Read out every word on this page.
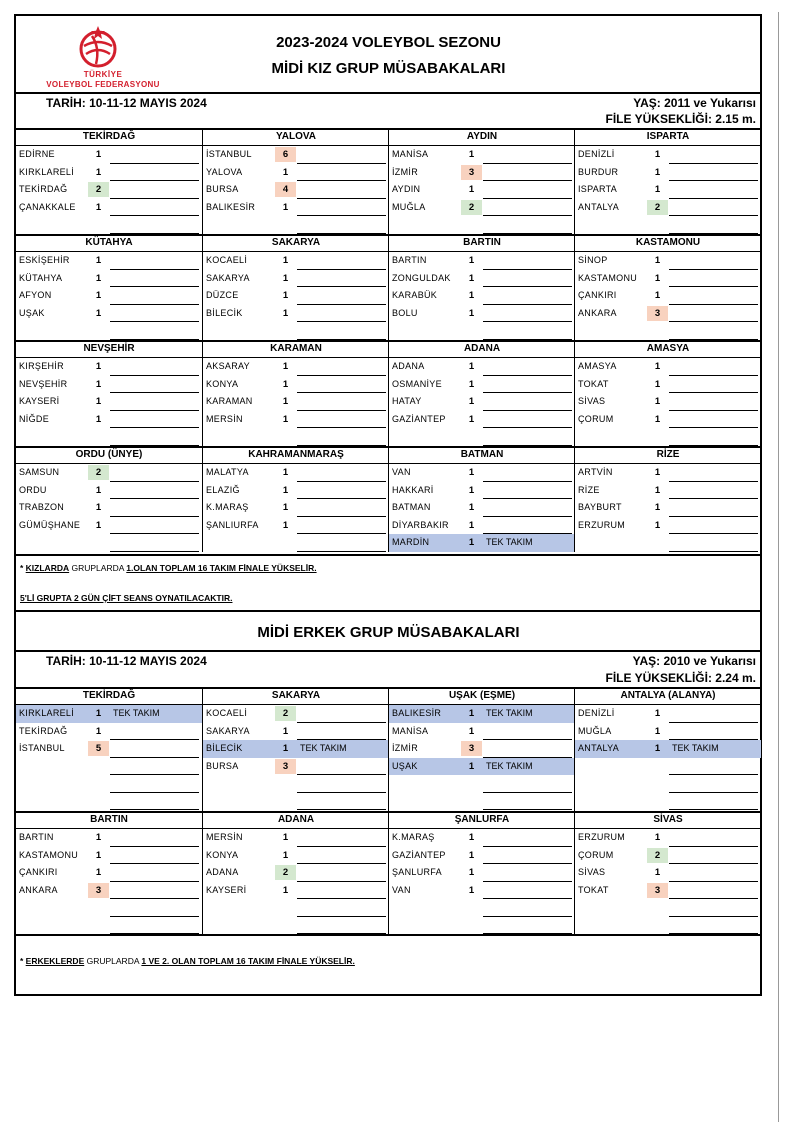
TÜRKİYE
VOLEYBOL FEDERASYONU
2023-2024 VOLEYBOL SEZONU
MİDİ KIZ GRUP MÜSABAKALARI
TARİH: 10-11-12 MAYIS 2024	YAŞ: 2011 ve Yukarısı
FİLE YÜKSEKLİĞİ: 2.15 m.
TEKİRDAĞ
EDİRNE	1
KIRKLARELİ	1
TEKİRDAĞ	2
ÇANAKKALE	1
YALOVA
İSTANBUL	6
YALOVA	1
BURSA	4
BALIKESİR	1
AYDIN
MANİSA	1
İZMİR	3
AYDIN	1
MUĞLA	2
ISPARTA
DENİZLİ	1
BURDUR	1
ISPARTA	1
ANTALYA	2
KÜTAHYA
ESKİŞEHİR	1
KÜTAHYA	1
AFYON	1
UŞAK	1
SAKARYA
KOCAELİ	1
SAKARYA	1
DÜZCE	1
BİLECİK	1
BARTIN
BARTIN	1
ZONGULDAK	1
KARABÜK	1
BOLU	1
KASTAMONU
SİNOP	1
KASTAMONU	1
ÇANKIRI	1
ANKARA	3
NEVŞEHİR
KIRŞEHİR	1
NEVŞEHİR	1
KAYSERİ	1
NİĞDE	1
KARAMAN
AKSARAY	1
KONYA	1
KARAMAN	1
MERSİN	1
ADANA
ADANA	1
OSMANİYE	1
HATAY	1
GAZİANTEP	1
AMASYA
AMASYA	1
TOKAT	1
SİVAS	1
ÇORUM	1
ORDU (ÜNYE)
SAMSUN	2
ORDU	1
TRABZON	1
GÜMÜŞHANE	1
KAHRAMANMARAŞ
MALATYA	1
ELAZIĞ	1
K.MARAŞ	1
ŞANLIURFA	1
BATMAN
VAN	1
HAKKARİ	1
BATMAN	1
DİYARBAKIR	1
MARDİN	1	TEK TAKIM
RİZE
ARTVİN	1
RİZE	1
BAYBURT	1
ERZURUM	1
* KIZLARDA GRUPLARDA 1.OLAN TOPLAM 16 TAKIM FİNALE YÜKSELİR.
5'Lİ GRUPTA 2 GÜN ÇİFT SEANS OYNATILACAKTIR.
MİDİ ERKEK GRUP MÜSABAKALARI
TARİH: 10-11-12 MAYIS 2024	YAŞ: 2010 ve Yukarısı
FİLE YÜKSEKLİĞİ: 2.24 m.
TEKİRDAĞ
KIRKLARELİ	1	TEK TAKIM
TEKİRDAĞ	1
İSTANBUL	5
SAKARYA
KOCAELİ	2
SAKARYA	1
BİLECİK	1	TEK TAKIM
BURSA	3
UŞAK (EŞME)
BALIKESİR	1	TEK TAKIM
MANİSA	1
İZMİR	3
UŞAK	1	TEK TAKIM
ANTALYA (ALANYA)
DENİZLİ	1
MUĞLA	1
ANTALYA	1	TEK TAKIM
BARTIN
BARTIN	1
KASTAMONU	1
ÇANKIRI	1
ANKARA	3
ADANA
MERSİN	1
KONYA	1
ADANA	2
KAYSERİ	1
ŞANLURFA
K.MARAŞ	1
GAZİANTEP	1
ŞANLURFA	1
VAN	1
SİVAS
ERZURUM	1
ÇORUM	2
SİVAS	1
TOKAT	3
* ERKEKLERDE GRUPLARDA 1 VE 2. OLAN TOPLAM 16 TAKIM FİNALE YÜKSELİR.
